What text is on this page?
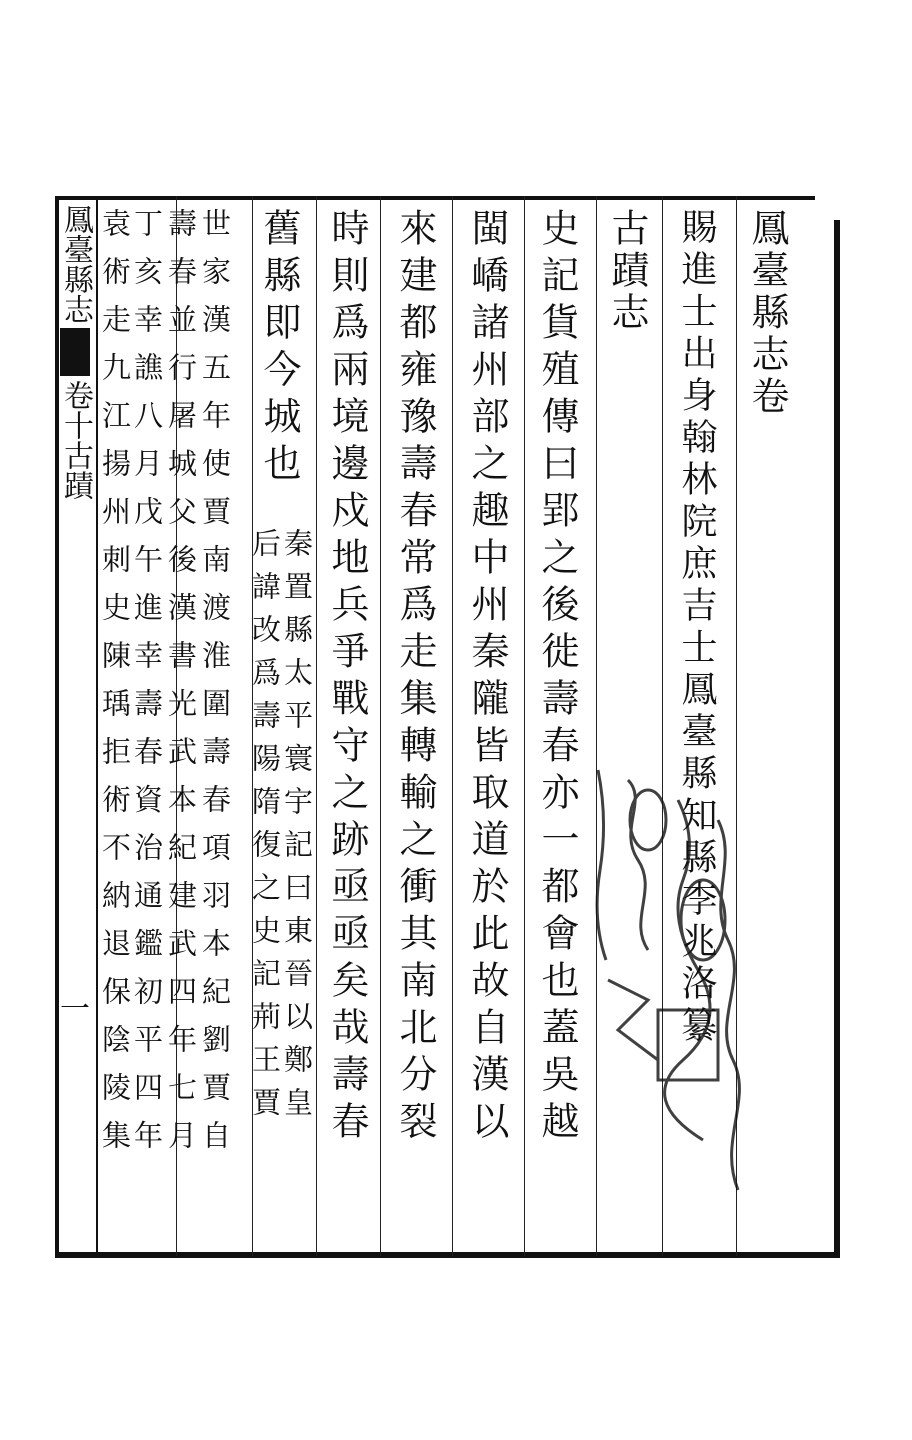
鳳臺縣志卷十古蹟
一
鳳臺縣志卷
賜進士出身翰林院庶吉士鳳臺縣知縣李兆洛纂
古蹟志
史記貨殖傳曰郢之後徙壽春亦一都會也蓋吳越
閩嶠諸州部之趣中州秦隴皆取道於此故自漢以
來建都雍豫壽春常爲走集轉輸之衝其南北分裂
時則爲兩境邊戍地兵爭戰守之跡亟亟矣哉壽春
舊縣即今城也
秦置縣太平寰宇記曰東晉以鄭皇
后諱改爲壽陽隋復之史記荊王賈
世家漢五年使賈南渡淮圍壽春項羽本紀劉賈自
壽春並行屠城父後漢書光武本紀建武四年七月
丁亥幸譙八月戊午進幸壽春資治通鑑初平四年
袁術走九江揚州刺史陳瑀拒術不納退保陰陵集
